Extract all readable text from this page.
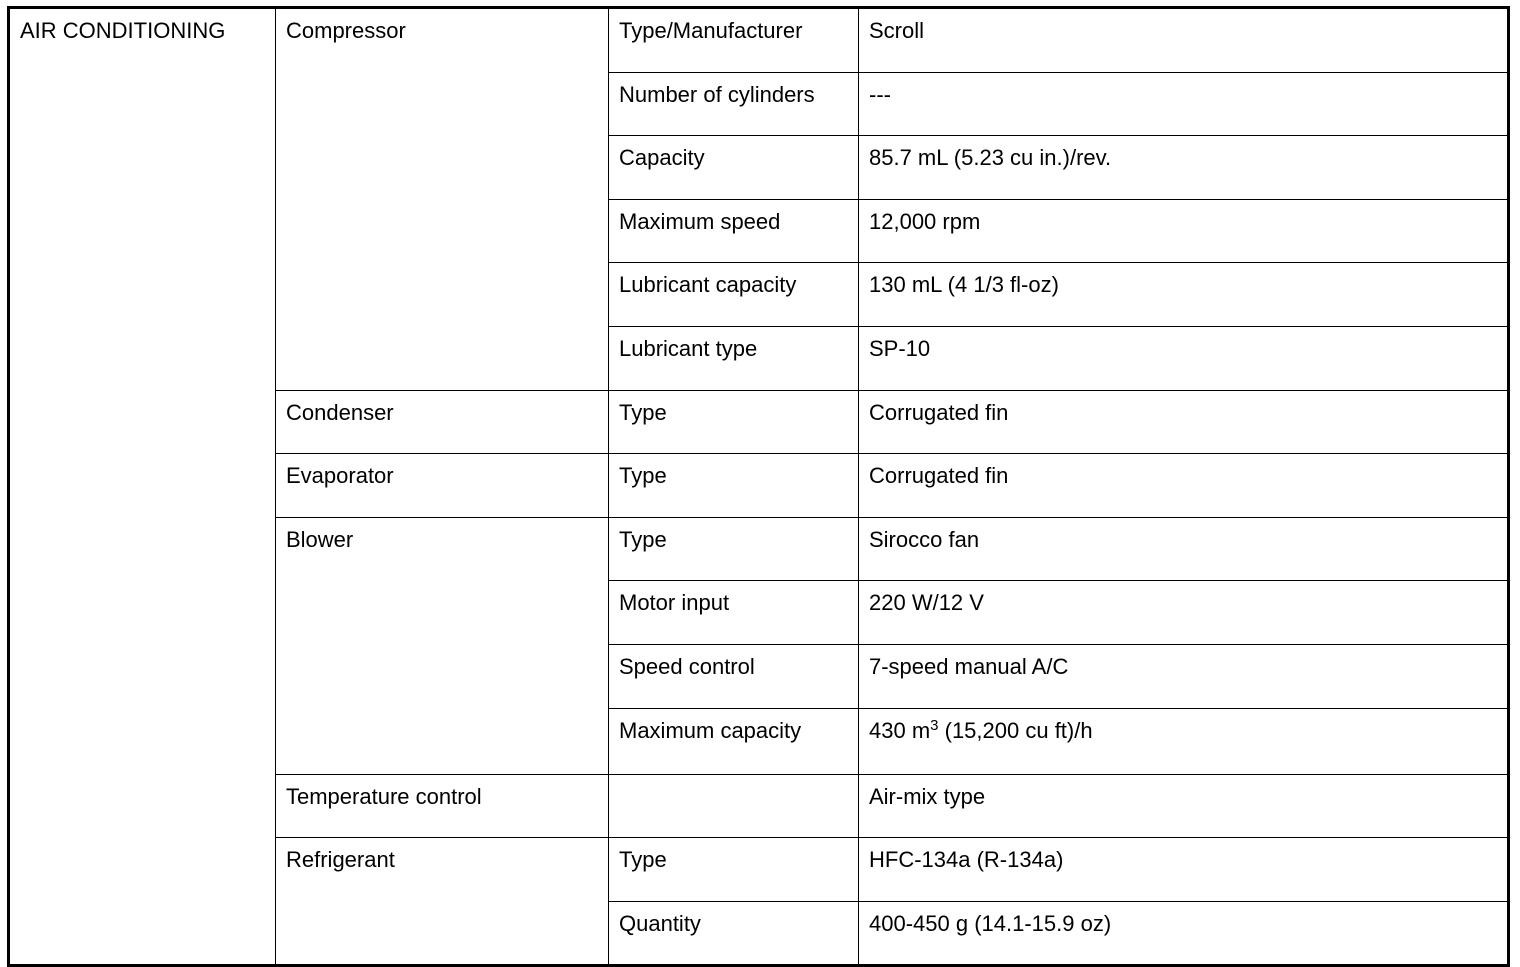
AIR CONDITIONING	Compressor	Type/Manufacturer	Scroll
		Number of cylinders	---
		Capacity	85.7 mL (5.23 cu in.)/rev.
		Maximum speed	12,000 rpm
		Lubricant capacity	130 mL (4 1/3 fl-oz)
		Lubricant type	SP-10
	Condenser	Type	Corrugated fin
	Evaporator	Type	Corrugated fin
	Blower	Type	Sirocco fan
		Motor input	220 W/12 V
		Speed control	7-speed manual A/C
		Maximum capacity	430 $m^3$ (15,200 cu ft)/h
	Temperature control		Air-mix type
	Refrigerant	Type	HFC-134a (R-134a)
		Quantity	400-450 g (14.1-15.9 oz)
